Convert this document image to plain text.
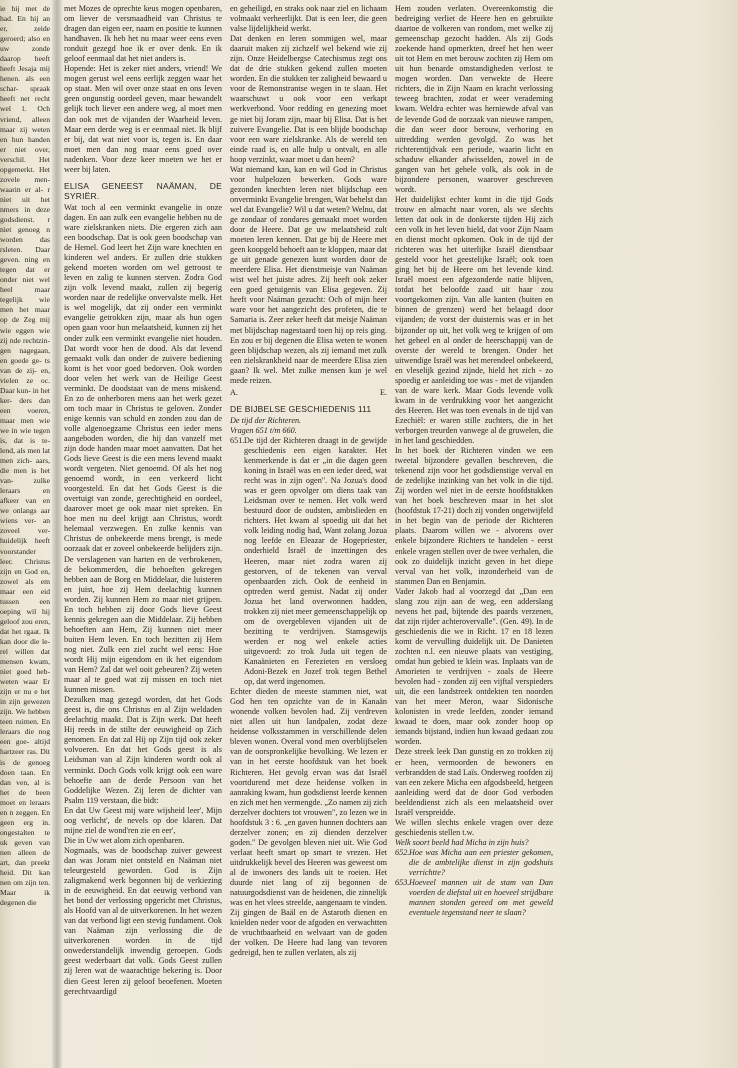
ie hij met de had. En hij an er, zeide geroerd; also en uw zonde daarop heeft heeft Jesaja mij henen. als een schar- spraak heeft net recht wel l. Och vriend, alleen maar zij weten en hun handen er niet over, verschil. Het opgemerkt. Het zovele men- waarin er al- r niet uit het nmers in deze godsdienst. r niet genoeg n worden das rsleten. Daar geven. ning en tegen dat er onder niet wel heel maar tegelijk wie men het maar op de Zeg mij wie eggen wie zij nde rechtzin- gen nagegaan, en goede ge- ts van de zij- en, vielen ze oc. Daar kun- in het ker- ders dan een voeren, maar men wie we in wie tegen is, dat is te- lend, als men lat men zich- aars, die men is het van- zulke leraars en afkeer van en we onlangs aar wiens ver- an zoveel ver- huidelijk heeft voorstander leer. Christus zijn en God en, zowel als em maar een eid tussen een oeping wil hij geloof zou eren, dat het rgaat. Ik kan door die le- rel willen dat mensen kwam, niet goed heb- weten waar Er zijn er nu e het in zijn gewezen zijn. We hebben teen ruimen. En leraars die nog een goe- altijd hartzeer ras. Dit is de genoeg doen taan. En dan ven, al is het de been moet en leraars en n zeggen. En geen erg in. ongestalten te uk geven van nen alleen de art, dan preekt heid. Dit kan nen om zijn ten. Maar ik degenen die

met Mozes de oprechte keus mogen openbaren, om liever de versmaadheid van Christus te dragen dan eigen eer, naam en positie te kunnen handhaven. Ik heb het nu maar weer eens even ronduit gezegd hoe ik er over denk. En ik geloof eenmaal dat het niet anders is.

Hopende: Het is zeker niet anders, vriend! We mogen gerust wel eens eerlijk zeggen waar het op staat. Men wil over onze staat en ons leven geen ongunstig oordeel geven, maar bewandelt gelijk toch liever een andere weg, al moet men dan ook met de vijanden der Waarheid leven. Maar een derde weg is er eenmaal niet. Ik blijf er bij, dat wat niet voor is, tegen is. En daar moet men dan nog maar eens goed over nadenken. Voor deze keer moeten we het er weer bij laten.

ELISA GENEEST NAÄMAN, DE SYRIËR.

Wat toch al een verminkt evangelie in onze dagen. En aan zulk een evangelie hebben nu de ware zielskranken niets. Die ergeren zich aan een boodschap. Dat is ook geen boodschap van de Hemel. God leert het Zijn ware knechten en kinderen wel anders. Er zullen drie stukken gekend moeten worden om wel getroost te leven en zalig te kunnen sterven. Zodra God zijn volk levend maakt, zullen zij begerig worden naar de redelijke onvervalste melk. Het is wel mogelijk, dat zij onder een verminkt evangelie getrokken zijn, maar als hun ogen open gaan voor hun melaatsheid, kunnen zij het onder zulk een verminkt evangelie niet houden. Dat wordt voor hen de dood. Als dat levend gemaakt volk dan onder de zuivere bediening komt is het voor goed bedorven. Ook worden door velen het werk van de Heilige Geest verminkt. De doodstaat van de mens miskend. En zo de onherboren mens aan het werk gezet om toch maar in Christus te geloven. Zonder enige kennis van schuld en zonden zou dan de volle algenoegzame Christus een ieder mens aangeboden worden, die hij dan vanzelf met zijn dode handen maar moet aanvatten. Dat het Gods lieve Geest is die een mens levend maakt wordt vergeten. Niet genoemd. Of als het nog genoemd wordt, in een verkeerd licht voorgesteld. En dat het Gods Geest is die overtuigt van zonde, gerechtigheid en oordeel, daarover moet ge ook maar niet spreken. En hoe men nu deel krijgt aan Christus, wordt helemaal verzwegen. En zulke kennis van Christus de onbekeerde mens brengt, is mede oorzaak dat er zoveel onbekeerde belijders zijn. De verslagenen van harten en de verbrokenen, de bekommerden, die behoeften gekregen hebben aan de Borg en Middelaar, die luisteren en juist, hoe zij Hem deelachtig kunnen worden. Zij kunnen Hem zo maar niet grijpen. En toch hebben zij door Gods lieve Geest kennis gekregen aan die Middelaar. Zij hebben behoeften aan Hem, Zij kunnen niet meer buiten Hem leven. En toch bezitten zij Hem nog niet. Zulk een ziel zucht wel eens: Hoe wordt Hij mijn eigendom en ik het eigendom van Hem? Zal dat wel ooit gebeuren? Zij weten maar al te goed wat zij missen en toch niet kunnen missen.

Dezulken mag gezegd worden, dat het Gods geest is, die ons Christus en al Zijn weldaden deelachtig maakt. Dat is Zijn werk. Dat heeft Hij reeds in de stilte der eeuwigheid op Zich genomen. En dat zal Hij op Zijn tijd ook zeker volvoeren. En dat het Gods geest is als Leidsman van al Zijn kinderen wordt ook al verminkt. Doch Gods volk krijgt ook een ware behoefte aan de derde Persoon van het Goddelijke Wezen. Zij leren de dichter van Psalm 119 verstaan, die bidt:

En dat Uw Geest mij ware wijsheid leer', Mijn oog verlicht', de nevels op doe klaren. Dat mijne ziel de wond'ren zie en eer',

Die in Uw wet alom zich openbaren.

Nogmaals, was de boodschap zuiver geweest dan was Joram niet ontsteld en Naäman niet teleurgesteld geworden. God is Zijn zaligmakend werk begonnen bij de verkiezing in de eeuwigheid. En dat eeuwig verbond van het bond der verlossing opgericht met Christus, als Hoofd van al de uitverkorenen. In het wezen van dat verbond ligt een stevig fundament. Ook van Naäman zijn verlossing die de uitverkorenen worden in de tijd onwederstandelijk inwendig geroepen. Gods geest wederbaart dat volk. Gods Geest zullen zij leren wat de waarachtige bekering is. Door dien Geest leren zij geloof beoefenen. Moeten gerechtvaardigd

en geheiligd, en straks ook naar ziel en lichaam volmaakt verheerlijkt. Dat is een leer, die geen valse lijdelijkheid werkt.

Dat denken en leren sommigen wel, maar daaruit maken zij zichzelf wel bekend wie zij zijn. Onze Heidelbergse Catechismus zegt ons dat de drie stukken gekend zullen moeten worden. En die stukken ter zaligheid bewaard u voor de Remonstrantse wegen in te slaan. Het waarschuwt u ook voor een verkapt werkverbond. Voor redding en genezing moet ge niet bij Joram zijn, maar bij Elisa. Dat is het zuivere Evangelie. Dat is een blijde boodschap voor een ware zielskranke. Als de wereld ten einde raad is, en alle hulp u ontvalt, en alle hoop verzinkt, waar moet u dan heen?

Wat niemand kan, kan en wil God in Christus voor hulpelozen bewerken. Gods ware gezonden knechten leren niet blijdschap een onverminkt Evangelie brengen, Wat behelst dan wel dat Evangelie? Wil u dat weten? Welnu, dat ge zondaar of zondares gemaakt moet worden door de Heere. Dat ge uw melaatsheid zult moeten leren kennen. Dat ge bij de Heere met geen koopgeld behoeft aan te kloppen, maar dat ge uit genade genezen kunt worden door de meerdere Elisa. Het dienstmeisje van Naäman wist wel het juiste adres. Zij heeft ook zeker een goed getuigenis van Elisa gegeven. Zij heeft voor Naäman gezucht: Och of mijn heer ware voor het aangezicht des profeten, die te Samaria is. Zeer zeker heeft dat meisje Naäman met blijdschap nagestaard toen hij op reis ging. En zou er bij degenen die Elisa weten te wonen geen blijdschap wezen, als zij iemand met zulk een zielskrankheid naar de meerdere Elisa zien gaan? Ik wel. Met zulke mensen kun je wel mede reizen.

A.	E.

DE BIJBELSE GESCHIEDENIS 111

De tijd der Richteren.

Vragen 651 t/m 660.

651. De tijd der Richteren draagt in de gewijde geschiedenis een eigen karakter. Het kenmerkende is dat er „in die dagen geen koning in Israël was en een ieder deed, wat recht was in zijn ogen". Na Jozua's dood was er geen opvolger om diens taak van Leidsman over te nemen. Het volk werd bestuurd door de oudsten, ambtslieden en richters. Het kwam al spoedig uit dat het volk leiding nodig had, Want zolang Jozua nog leefde en Eleazar de Hogepriester, onderhield Israël de inzettingen des Heeren, maar niet zodra waren zij gestorven, of de tekenen van verval openbaarden zich. Ook de eenheid in optreden werd gemist. Nadat zij onder Jozua het land overwonnen hadden, trokken zij niet meer gemeenschappelijk op om de overgebleven vijanden uit de bezitting te verdrijven. Stamsgewijs werden er nog wel enkele acties uitgevoerd: zo trok Juda uit tegen de Kanaänieten en Ferezieten en versloeg Adoni-Bezek en Jozef trok tegen Bethel op, dat werd ingenomen.

Echter dieden de meeste stammen niet, wat God hen ten opzichte van de in Kanaän wonende volken bevolen had. Zij verdreven niet allen uit hun landpalen, zodat deze heidense volksstammen in verschillende delen bleven wonen. Overal vond men overblijfselen van de oorspronkelijke bevolking. We lezen er van in het eerste hoofdstuk van het boek Richteren. Het gevolg ervan was dat Israël voortdurend met deze heidense volken in aanraking kwam, hun godsdienst leerde kennen en zich met hen vermengde. „Zo namen zij zich derzelver dochters tot vrouwen", zo lezen we in hoofdstuk 3 : 6. „en gaven hunnen dochters aan derzelver zonen; en zij dienden derzelver goden." De gevolgen bleven niet uit. Wie God verlaat heeft smart op smart te vrezen. Het uitdrukkelijk bevel des Heeren was geweest om al de inwoners des lands uit te roeien. Het duurde niet lang of zij begonnen de natuurgodsdienst van de heidenen, die zinnelijk was en het vlees streelde, aangenaam te vinden. Zij gingen de Baäl en de Astaroth dienen en knielden neder voor de afgoden en verwachtten de vruchtbaarheid en welvaart van de goden der volken. De Heere had lang van tevoren gedreigd, hen te zullen verlaten, als zij

Hem zouden verlaten. Overeenkomstig die bedreiging verliet de Heere hen en gebruikte daartoe de volkeren van rondom, met welke zij gemeenschap gezocht hadden. Als zij Gods zoekende hand opmerkten, dreef het hen weer uit tot Hem en met berouw zochten zij Hem om uit hun benarde omstandigheden verlost te mogen worden. Dan verwekte de Heere richters, die in Zijn Naam en kracht verlossing teweeg brachten, zodat er weer verademing kwam. Weldra echter was herniewde afval van de levende God de oorzaak van nieuwe rampen, die dan weer door berouw, verhoring en uitredding werden gevolgd. Zo was het richterentijdvak een periode, waarin licht en schaduw elkander afwisselden, zowel in de gangen van het gehele volk, als ook in de bijzondere personen, waarover geschreven wordt.

Het duidelijkst echter komt in die tijd Gods trouw en almacht naar voren, als we slechts letten dat ook in de donkerste tijden Hij zich een volk in het leven hield, dat voor Zijn Naam en dienst mocht opkomen. Ook in de tijd der richteren was het uiterlijke Israël dienstbaar gesteld voor het geestelijke Israël; ook toen ging het bij de Heere om het levende kind. Israël moest een afgezonderde natie blijven, totdat het beloofde zaad uit haar zou voortgekomen zijn. Van alle kanten (buiten en binnen de grenzen) werd het belaagd door vijanden; de vorst der duisternis was er in het bijzonder op uit, het volk weg te krijgen of om het geheel en al onder de heerschappij van de overste der wereld te brengen. Onder het uitwendige Israël was het merendeel onbekeerd, en vleselijk gezind zijnde, hield het zich - zo spoedig er aanleiding toe was - met de vijanden van de ware kerk. Maar Gods levende volk kwam in de verdrukking voor het aangezicht des Heeren. Het was toen evenals in de tijd van Ezechiël: er waren stille zuchters, die in het verborgen treurden vanwege al de gruwelen, die in het land geschiedden.

In het boek der Richteren vinden we een tweetal bijzondere gevallen beschreven, die tekenend zijn voor het godsdienstige verval en de zedelijke inzinking van het volk in die tijd. Zij worden wel niet in de eerste hoofdstukken van het boek beschreven maar in het slot (hoofdstuk 17-21) doch zij vonden ongetwijfeld in het begin van de periode der Richteren plaats. Daarom willen we - alvorens over enkele bijzondere Richters te handelen - eerst enkele vragen stellen over de twee verhalen, die ook zo duidelijk inzicht geven in het diepe verval van het volk, inzonderheid van de stammen Dan en Benjamin.

Vader Jakob had al voorzegd dat „Dan een slang zou zijn aan de weg, een adderslang nevens het pad, bijtende des paards verzenen, dat zijn rijder achterovervalle". (Gen. 49). In de geschiedenis die we in Richt. 17 en 18 lezen komt de vervulling duidelijk uit. De Danieten zochten n.l. een nieuwe plaats van vestiging, omdat hun gebied te klein was. Inplaats van de Amorieten te verdrijven - zoals de Heere bevolen had - zonden zij een vijftal verspieders uit, die een landstreek ontdekten ten noorden van het meer Meron, waar Sidonische kolonisten in vrede leefden, zonder iemand kwaad te doen, maar ook zonder hoop op iemands bijstand, indien hun kwaad gedaan zou worden.

Deze streek leek Dan gunstig en zo trokken zij er heen, vermoorden de bewoners en verbrandden de stad Laïs. Onderweg roofden zij van een zekere Micha een afgodsbeeld, hetgeen aanleiding werd dat de door God verboden beeldendienst zich als een melaatsheid over Israël verspreidde.

We willen slechts enkele vragen over deze geschiedenis stellen t.w.

Welk soort beeld had Micha in zijn huis?

652. Hoe was Micha aan een priester gekomen, die de ambtelijke dienst in zijn godshuis verrichtte?

653. Hoeveel mannen uit de stam van Dan voerden de diefstal uit en hoeveel strijdbare mannen stonden gereed om met geweld eventuele tegenstand neer te slaan?
